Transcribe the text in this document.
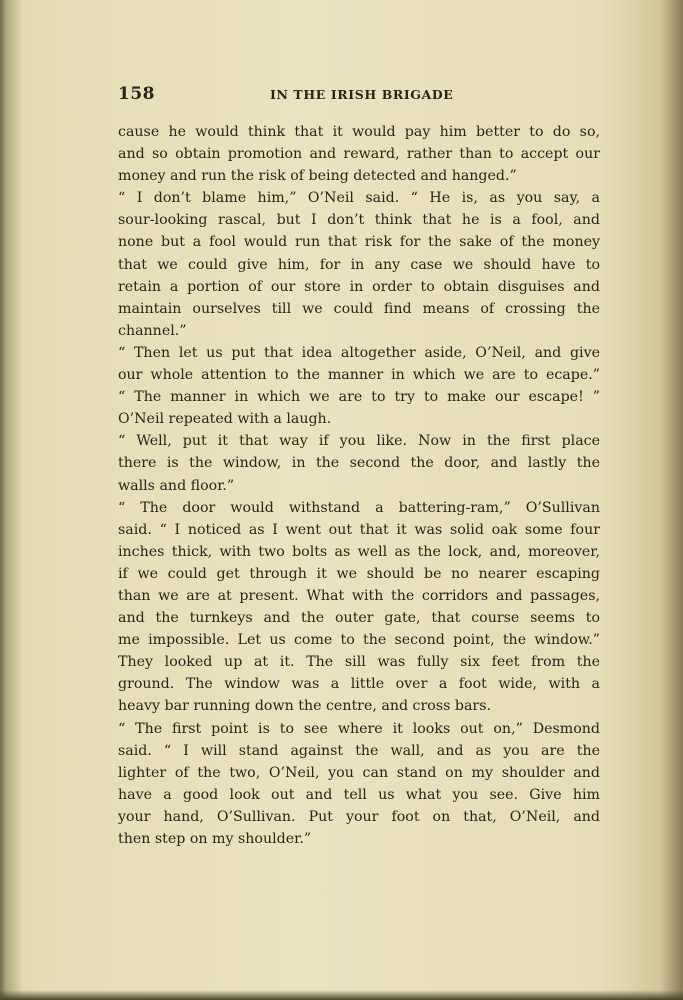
158	IN THE IRISH BRIGADE
cause he would think that it would pay him better to do so,
and so obtain promotion and reward, rather than to accept our
money and run the risk of being detected and hanged.”
“ I don’t blame him,” O’Neil said. “ He is, as you say, a
sour-looking rascal, but I don’t think that he is a fool, and
none but a fool would run that risk for the sake of the money
that we could give him, for in any case we should have to
retain a portion of our store in order to obtain disguises and
maintain ourselves till we could find means of crossing the
channel.”
“ Then let us put that idea altogether aside, O’Neil, and give
our whole attention to the manner in which we are to ecape.”
“ The manner in which we are to try to make our escape! ”
O’Neil repeated with a laugh.
“ Well, put it that way if you like. Now in the first place
there is the window, in the second the door, and lastly the
walls and floor.”
“ The door would withstand a battering-ram,” O’Sullivan
said. “ I noticed as I went out that it was solid oak some four
inches thick, with two bolts as well as the lock, and, moreover,
if we could get through it we should be no nearer escaping
than we are at present. What with the corridors and passages,
and the turnkeys and the outer gate, that course seems to
me impossible. Let us come to the second point, the window.”
They looked up at it. The sill was fully six feet from the
ground. The window was a little over a foot wide, with a
heavy bar running down the centre, and cross bars.
“ The first point is to see where it looks out on,” Desmond
said. “ I will stand against the wall, and as you are the
lighter of the two, O’Neil, you can stand on my shoulder and
have a good look out and tell us what you see. Give him
your hand, O’Sullivan. Put your foot on that, O’Neil, and
then step on my shoulder.”
